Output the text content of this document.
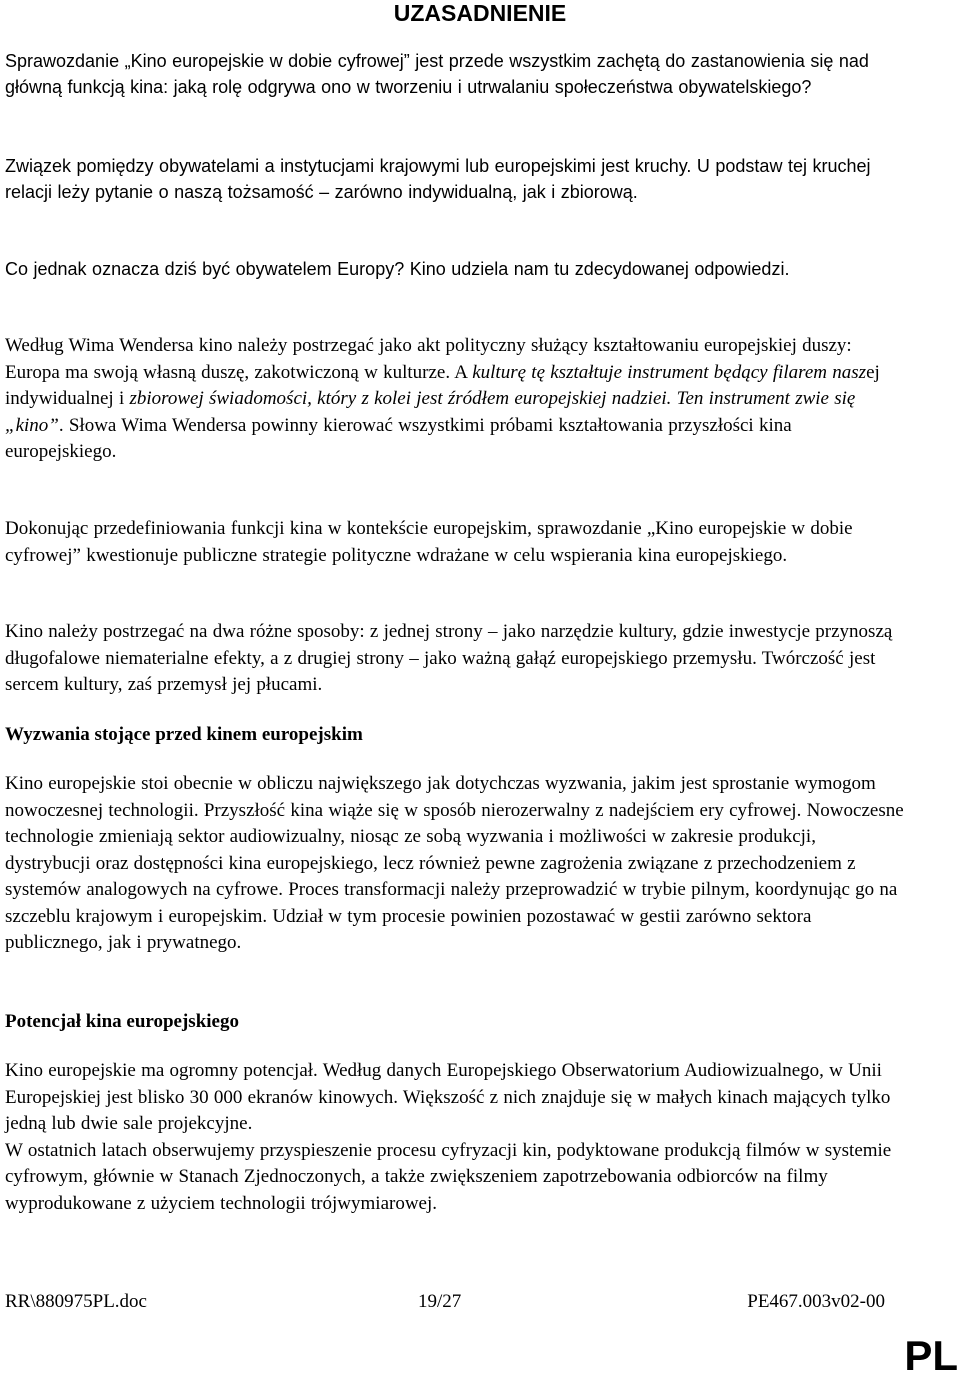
UZASADNIENIE

Sprawozdanie „Kino europejskie w dobie cyfrowej” jest przede wszystkim zachętą do zastanowienia się nad główną funkcją kina: jaką rolę odgrywa ono w tworzeniu i utrwalaniu społeczeństwa obywatelskiego?

Związek pomiędzy obywatelami a instytucjami krajowymi lub europejskimi jest kruchy. U podstaw tej kruchej relacji leży pytanie o naszą tożsamość – zarówno indywidualną, jak i zbiorową.

Co jednak oznacza dziś być obywatelem Europy? Kino udziela nam tu zdecydowanej odpowiedzi.

Według Wima Wendersa kino należy postrzegać jako akt polityczny służący kształtowaniu europejskiej duszy: Europa ma swoją własną duszę, zakotwiczoną w kulturze. A kulturę tę kształtuje instrument będący filarem naszej indywidualnej i zbiorowej świadomości, który z kolei jest źródłem europejskiej nadziei. Ten instrument zwie się „kino”. Słowa Wima Wendersa powinny kierować wszystkimi próbami kształtowania przyszłości kina europejskiego.

Dokonując przedefiniowania funkcji kina w kontekście europejskim, sprawozdanie „Kino europejskie w dobie cyfrowej” kwestionuje publiczne strategie polityczne wdrażane w celu wspierania kina europejskiego.

Kino należy postrzegać na dwa różne sposoby: z jednej strony – jako narzędzie kultury, gdzie inwestycje przynoszą długofalowe niematerialne efekty, a z drugiej strony – jako ważną gałąź europejskiego przemysłu. Twórczość jest sercem kultury, zaś przemysł jej płucami.

Wyzwania stojące przed kinem europejskim

Kino europejskie stoi obecnie w obliczu największego jak dotychczas wyzwania, jakim jest sprostanie wymogom nowoczesnej technologii. Przyszłość kina wiąże się w sposób nierozerwalny z nadejściem ery cyfrowej. Nowoczesne technologie zmieniają sektor audiowizualny, niosąc ze sobą wyzwania i możliwości w zakresie produkcji, dystrybucji oraz dostępności kina europejskiego, lecz również pewne zagrożenia związane z przechodzeniem z systemów analogowych na cyfrowe. Proces transformacji należy przeprowadzić w trybie pilnym, koordynując go na szczeblu krajowym i europejskim. Udział w tym procesie powinien pozostawać w gestii zarówno sektora publicznego, jak i prywatnego.

Potencjał kina europejskiego

Kino europejskie ma ogromny potencjał. Według danych Europejskiego Obserwatorium Audiowizualnego, w Unii Europejskiej jest blisko 30 000 ekranów kinowych. Większość z nich znajduje się w małych kinach mających tylko jedną lub dwie sale projekcyjne.

W ostatnich latach obserwujemy przyspieszenie procesu cyfryzacji kin, podyktowane produkcją filmów w systemie cyfrowym, głównie w Stanach Zjednoczonych, a także zwiększeniem zapotrzebowania odbiorców na filmy wyprodukowane z użyciem technologii trójwymiarowej.

RR\880975PL.doc	19/27	PE467.003v02-00
PL
